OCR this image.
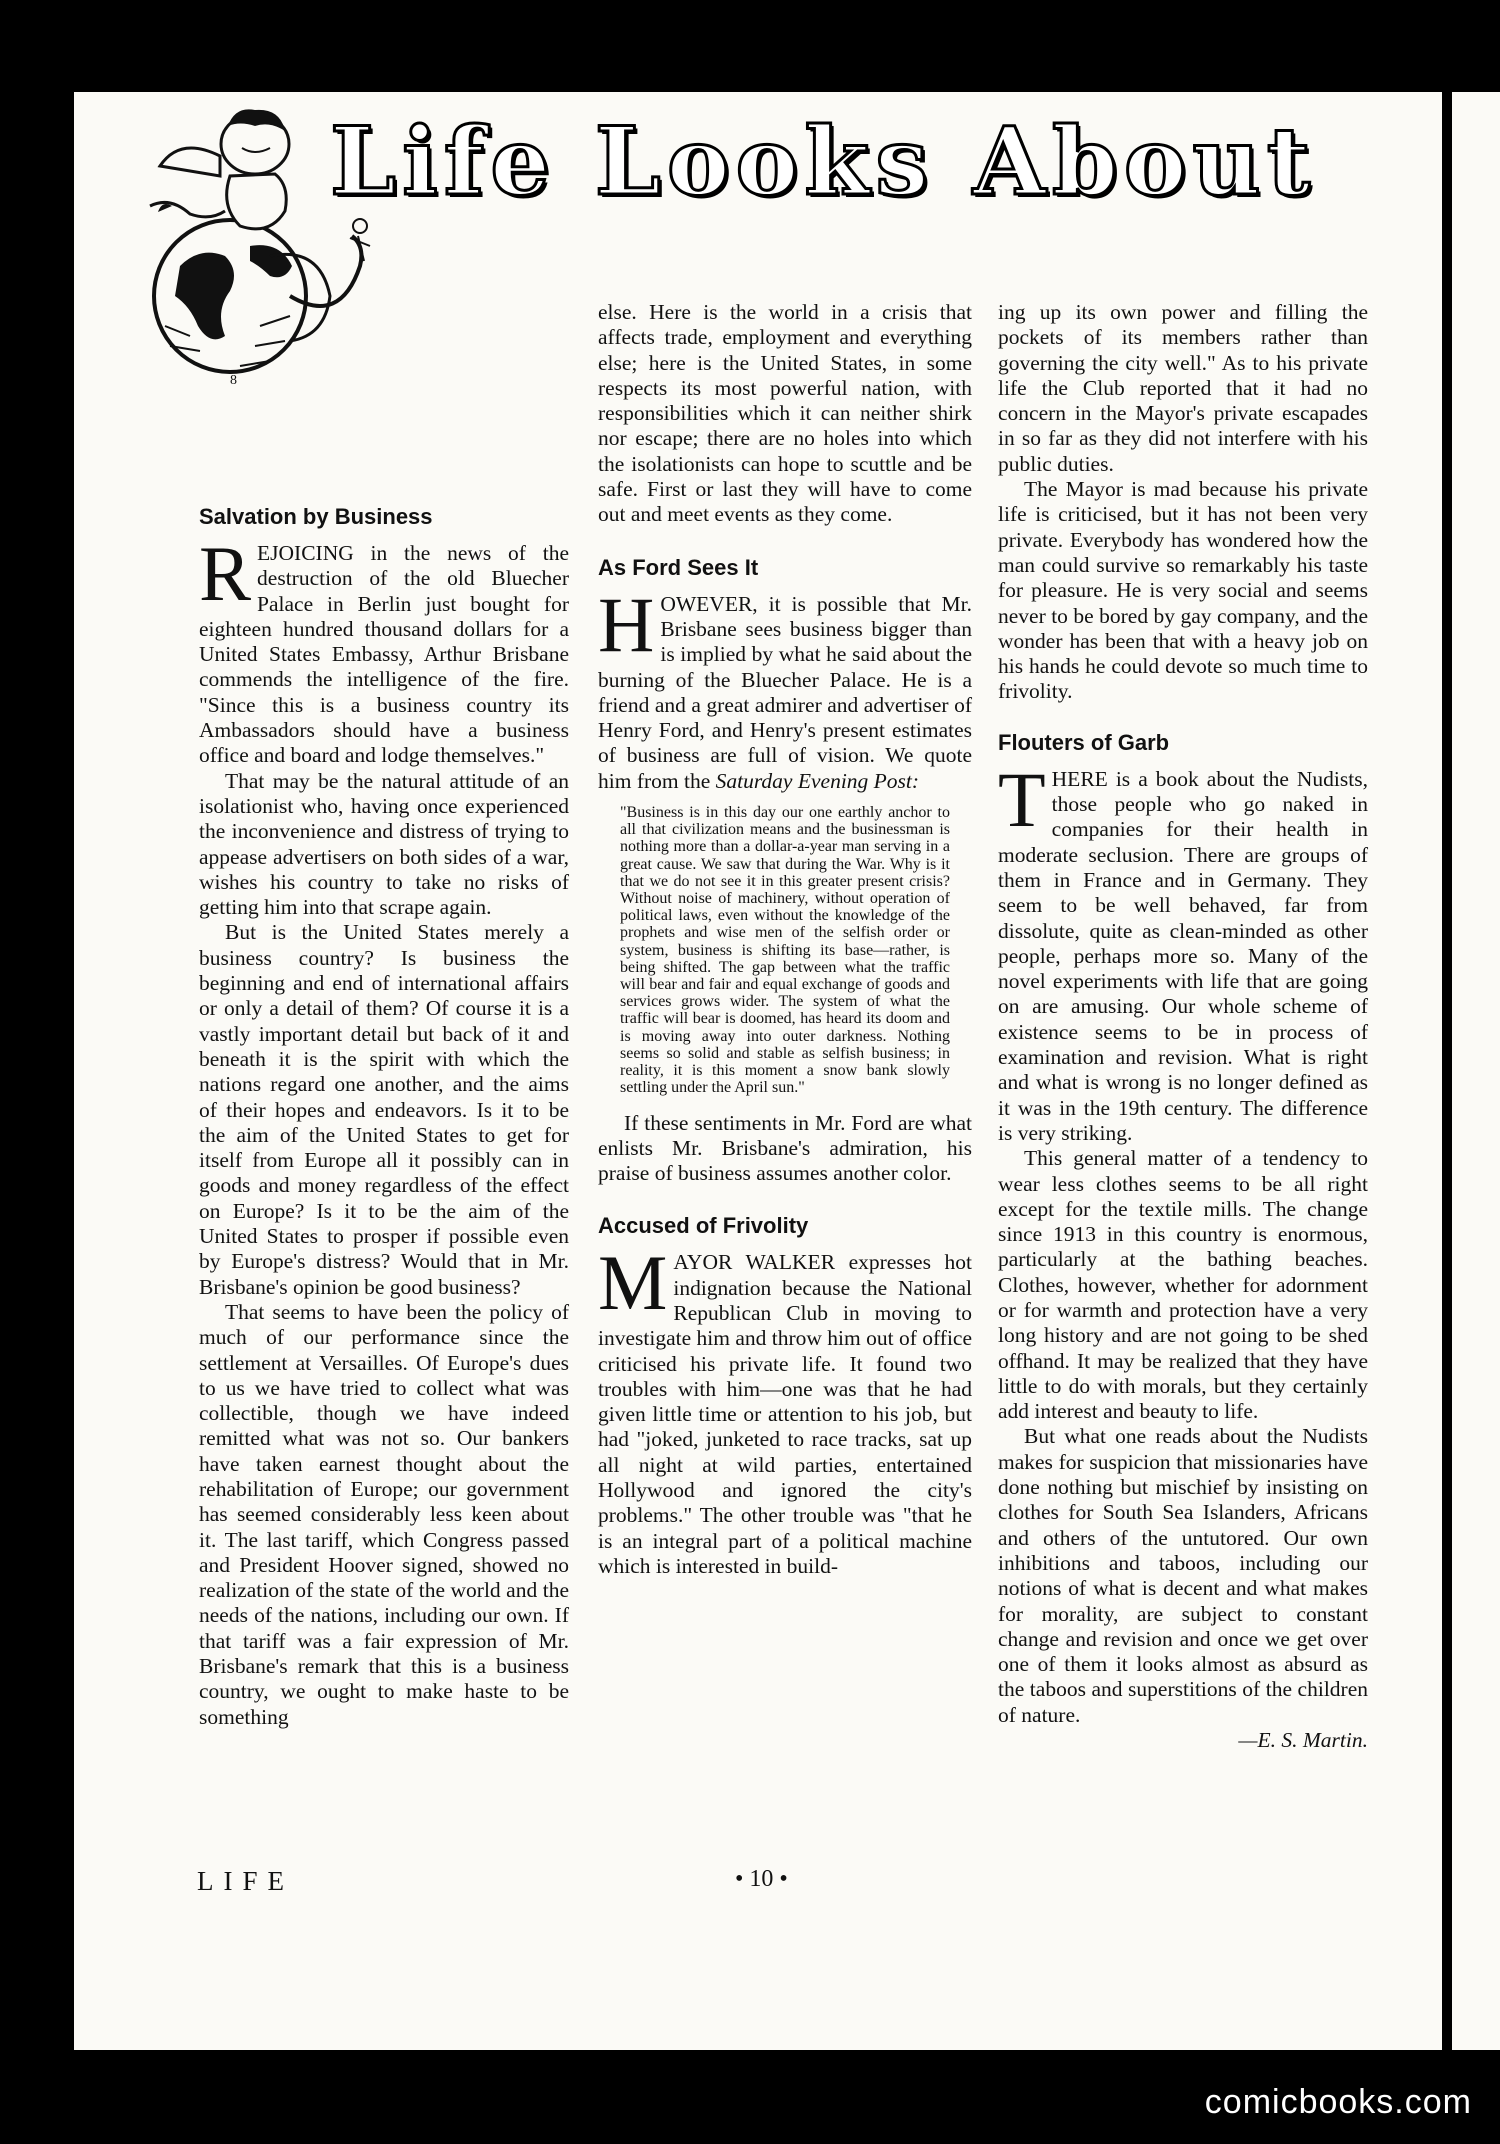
8
Life Looks About
Salvation by Business

REJOICING in the news of the destruction of the old Bluecher Palace in Berlin just bought for eighteen hundred thousand dollars for a United States Embassy, Arthur Brisbane commends the intelligence of the fire. "Since this is a business country its Ambassadors should have a business office and board and lodge themselves."

That may be the natural attitude of an isolationist who, having once experienced the inconvenience and distress of trying to appease advertisers on both sides of a war, wishes his country to take no risks of getting him into that scrape again.

But is the United States merely a business country? Is business the beginning and end of international affairs or only a detail of them? Of course it is a vastly important detail but back of it and beneath it is the spirit with which the nations regard one another, and the aims of their hopes and endeavors. Is it to be the aim of the United States to get for itself from Europe all it possibly can in goods and money regardless of the effect on Europe? Is it to be the aim of the United States to prosper if possible even by Europe's distress? Would that in Mr. Brisbane's opinion be good business?

That seems to have been the policy of much of our performance since the settlement at Versailles. Of Europe's dues to us we have tried to collect what was collectible, though we have indeed remitted what was not so. Our bankers have taken earnest thought about the rehabilitation of Europe; our government has seemed considerably less keen about it. The last tariff, which Congress passed and President Hoover signed, showed no realization of the state of the world and the needs of the nations, including our own. If that tariff was a fair expression of Mr. Brisbane's remark that this is a business country, we ought to make haste to be something

else. Here is the world in a crisis that affects trade, employment and everything else; here is the United States, in some respects its most powerful nation, with responsibilities which it can neither shirk nor escape; there are no holes into which the isolationists can hope to scuttle and be safe. First or last they will have to come out and meet events as they come.

As Ford Sees It

HOWEVER, it is possible that Mr. Brisbane sees business bigger than is implied by what he said about the burning of the Bluecher Palace. He is a friend and a great admirer and advertiser of Henry Ford, and Henry's present estimates of business are full of vision. We quote him from the Saturday Evening Post:

"Business is in this day our one earthly anchor to all that civilization means and the businessman is nothing more than a dollar-a-year man serving in a great cause. We saw that during the War. Why is it that we do not see it in this greater present crisis? Without noise of machinery, without operation of political laws, even without the knowledge of the prophets and wise men of the selfish order or system, business is shifting its base—rather, is being shifted. The gap between what the traffic will bear and fair and equal exchange of goods and services grows wider. The system of what the traffic will bear is doomed, has heard its doom and is moving away into outer darkness. Nothing seems so solid and stable as selfish business; in reality, it is this moment a snow bank slowly settling under the April sun."

If these sentiments in Mr. Ford are what enlists Mr. Brisbane's admiration, his praise of business assumes another color.

Accused of Frivolity

MAYOR WALKER expresses hot indignation because the National Republican Club in moving to investigate him and throw him out of office criticised his private life. It found two troubles with him—one was that he had given little time or attention to his job, but had "joked, junketed to race tracks, sat up all night at wild parties, entertained Hollywood and ignored the city's problems." The other trouble was "that he is an integral part of a political machine which is interested in build-

ing up its own power and filling the pockets of its members rather than governing the city well." As to his private life the Club reported that it had no concern in the Mayor's private escapades in so far as they did not interfere with his public duties.

The Mayor is mad because his private life is criticised, but it has not been very private. Everybody has wondered how the man could survive so remarkably his taste for pleasure. He is very social and seems never to be bored by gay company, and the wonder has been that with a heavy job on his hands he could devote so much time to frivolity.

Flouters of Garb

THERE is a book about the Nudists, those people who go naked in companies for their health in moderate seclusion. There are groups of them in France and in Germany. They seem to be well behaved, far from dissolute, quite as clean-minded as other people, perhaps more so. Many of the novel experiments with life that are going on are amusing. Our whole scheme of existence seems to be in process of examination and revision. What is right and what is wrong is no longer defined as it was in the 19th century. The difference is very striking.

This general matter of a tendency to wear less clothes seems to be all right except for the textile mills. The change since 1913 in this country is enormous, particularly at the bathing beaches. Clothes, however, whether for adornment or for warmth and protection have a very long history and are not going to be shed offhand. It may be realized that they have little to do with morals, but they certainly add interest and beauty to life.

But what one reads about the Nudists makes for suspicion that missionaries have done nothing but mischief by insisting on clothes for South Sea Islanders, Africans and others of the untutored. Our own inhibitions and taboos, including our notions of what is decent and what makes for morality, are subject to constant change and revision and once we get over one of them it looks almost as absurd as the taboos and superstitions of the children of nature.

—E. S. Martin.
LIFE	• 10 •
comicbooks.com
